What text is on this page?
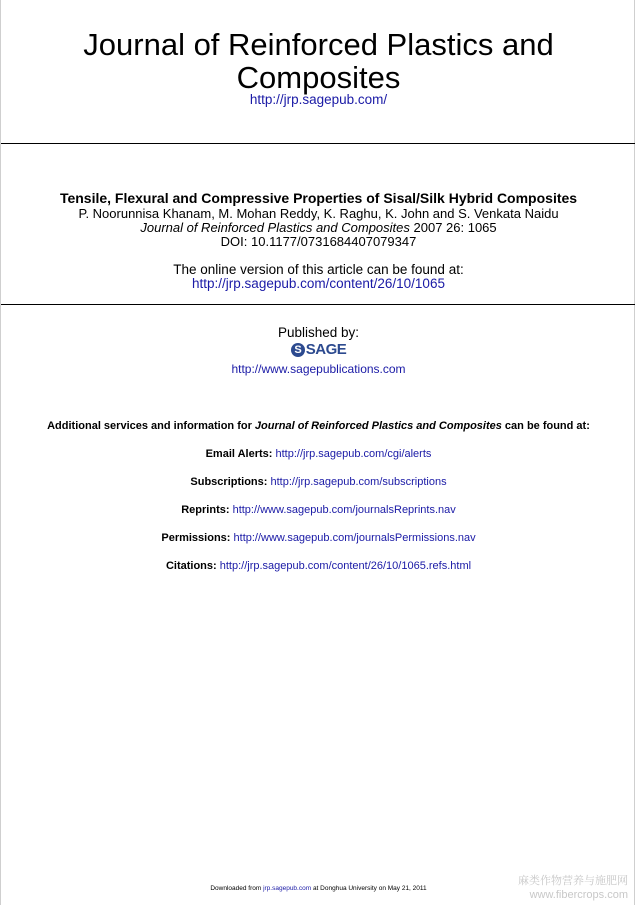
Journal of Reinforced Plastics and
Composites
http://jrp.sagepub.com/
Tensile, Flexural and Compressive Properties of Sisal/Silk Hybrid Composites
P. Noorunnisa Khanam, M. Mohan Reddy, K. Raghu, K. John and S. Venkata Naidu
Journal of Reinforced Plastics and Composites 2007 26: 1065
DOI: 10.1177/0731684407079347
The online version of this article can be found at:
http://jrp.sagepub.com/content/26/10/1065
Published by:
S SAGE
http://www.sagepublications.com
Additional services and information for Journal of Reinforced Plastics and Composites can be found at:
Email Alerts: http://jrp.sagepub.com/cgi/alerts
Subscriptions: http://jrp.sagepub.com/subscriptions
Reprints: http://www.sagepub.com/journalsReprints.nav
Permissions: http://www.sagepub.com/journalsPermissions.nav
Citations: http://jrp.sagepub.com/content/26/10/1065.refs.html
Downloaded from jrp.sagepub.com at Donghua University on May 21, 2011
麻类作物营养与施肥网
www.fibercrops.com
